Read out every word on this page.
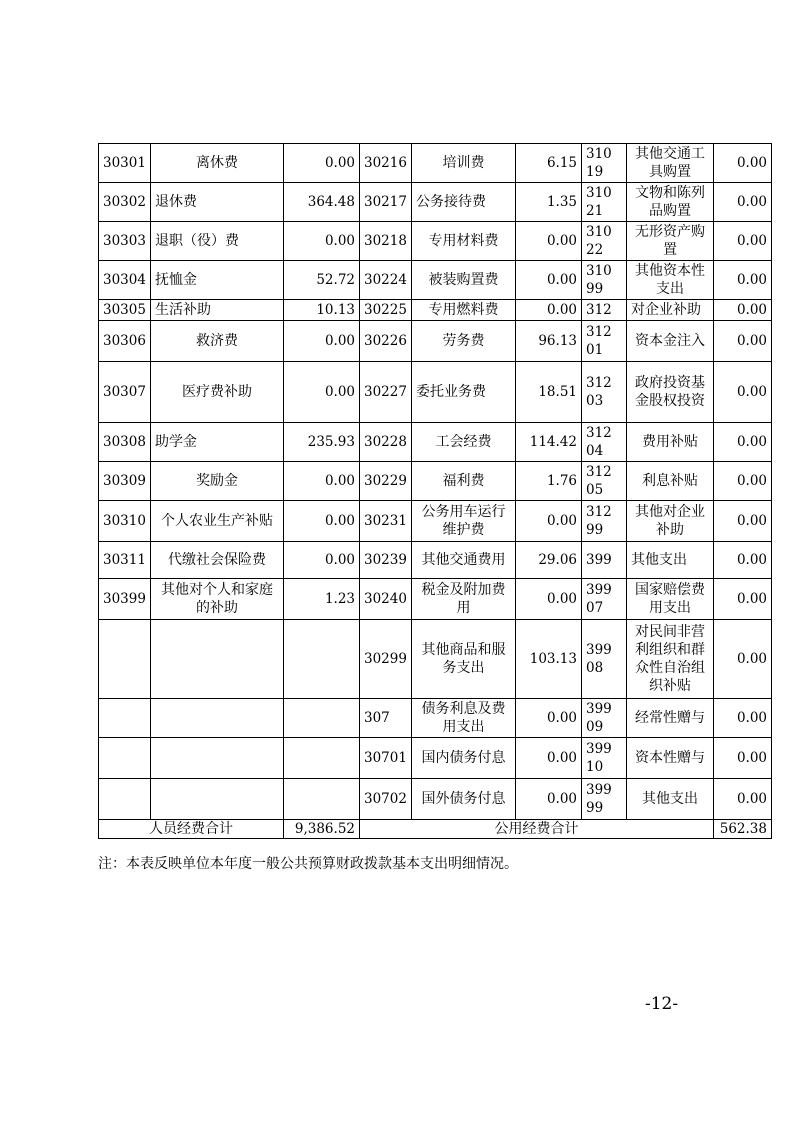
30301	离休费	0.00	30216	培训费	6.15	31019	其他交通工具购置	0.00
30302	退休费	364.48	30217	公务接待费	1.35	31021	文物和陈列品购置	0.00
30303	退职（役）费	0.00	30218	专用材料费	0.00	31022	无形资产购置	0.00
30304	抚恤金	52.72	30224	被装购置费	0.00	31099	其他资本性支出	0.00
30305	生活补助	10.13	30225	专用燃料费	0.00	312	对企业补助	0.00
30306	救济费	0.00	30226	劳务费	96.13	31201	资本金注入	0.00
30307	医疗费补助	0.00	30227	委托业务费	18.51	31203	政府投资基金股权投资	0.00
30308	助学金	235.93	30228	工会经费	114.42	31204	费用补贴	0.00
30309	奖励金	0.00	30229	福利费	1.76	31205	利息补贴	0.00
30310	个人农业生产补贴	0.00	30231	公务用车运行维护费	0.00	31299	其他对企业补助	0.00
30311	代缴社会保险费	0.00	30239	其他交通费用	29.06	399	其他支出	0.00
30399	其他对个人和家庭的补助	1.23	30240	税金及附加费用	0.00	39907	国家赔偿费用支出	0.00
			30299	其他商品和服务支出	103.13	39908	对民间非营利组织和群众性自治组织补贴	0.00
			307	债务利息及费用支出	0.00	39909	经常性赠与	0.00
			30701	国内债务付息	0.00	39910	资本性赠与	0.00
			30702	国外债务付息	0.00	39999	其他支出	0.00
人员经费合计		9,386.52	公用经费合计					562.38
注：本表反映单位本年度一般公共预算财政拨款基本支出明细情况。
-12-
